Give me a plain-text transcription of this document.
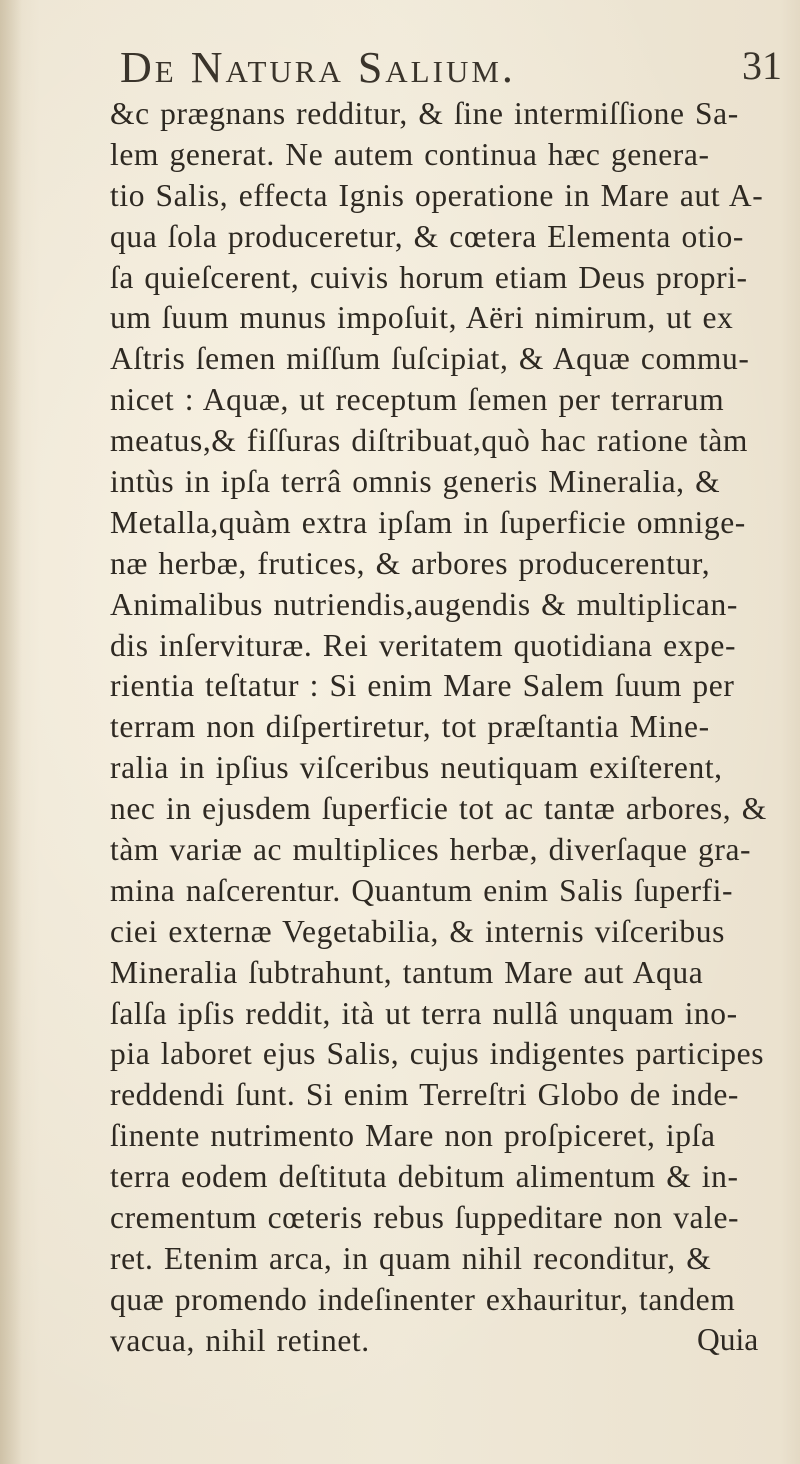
De Natura Salium.	31
&c prægnans redditur, & ſine intermiſſione Sa-
lem generat. Ne autem continua hæc genera-
tio Salis, effecta Ignis operatione in Mare aut A-
qua ſola produceretur, & cœtera Elementa otio-
ſa quieſcerent, cuivis horum etiam Deus propri-
um ſuum munus impoſuit, Aëri nimirum, ut ex
Aſtris ſemen miſſum ſuſcipiat, & Aquæ commu-
nicet : Aquæ, ut receptum ſemen per terrarum
meatus,& fiſſuras diſtribuat,quò hac ratione tàm
intùs in ipſa terrâ omnis generis Mineralia, &
Metalla,quàm extra ipſam in ſuperficie omnige-
næ herbæ, frutices, & arbores producerentur,
Animalibus nutriendis,augendis & multiplican-
dis inſervituræ. Rei veritatem quotidiana expe-
rientia teſtatur : Si enim Mare Salem ſuum per
terram non diſpertiretur, tot præſtantia Mine-
ralia in ipſius viſceribus neutiquam exiſterent,
nec in ejusdem ſuperficie tot ac tantæ arbores, &
tàm variæ ac multiplices herbæ, diverſaque gra-
mina naſcerentur. Quantum enim Salis ſuperfi-
ciei externæ Vegetabilia, & internis viſceribus
Mineralia ſubtrahunt, tantum Mare aut Aqua
ſalſa ipſis reddit, ità ut terra nullâ unquam ino-
pia laboret ejus Salis, cujus indigentes participes
reddendi ſunt. Si enim Terreſtri Globo de inde-
ſinente nutrimento Mare non proſpiceret, ipſa
terra eodem deſtituta debitum alimentum & in-
crementum cœteris rebus ſuppeditare non vale-
ret. Etenim arca, in quam nihil reconditur, &
quæ promendo indeſinenter exhauritur, tandem
vacua, nihil retinet.	Quia
